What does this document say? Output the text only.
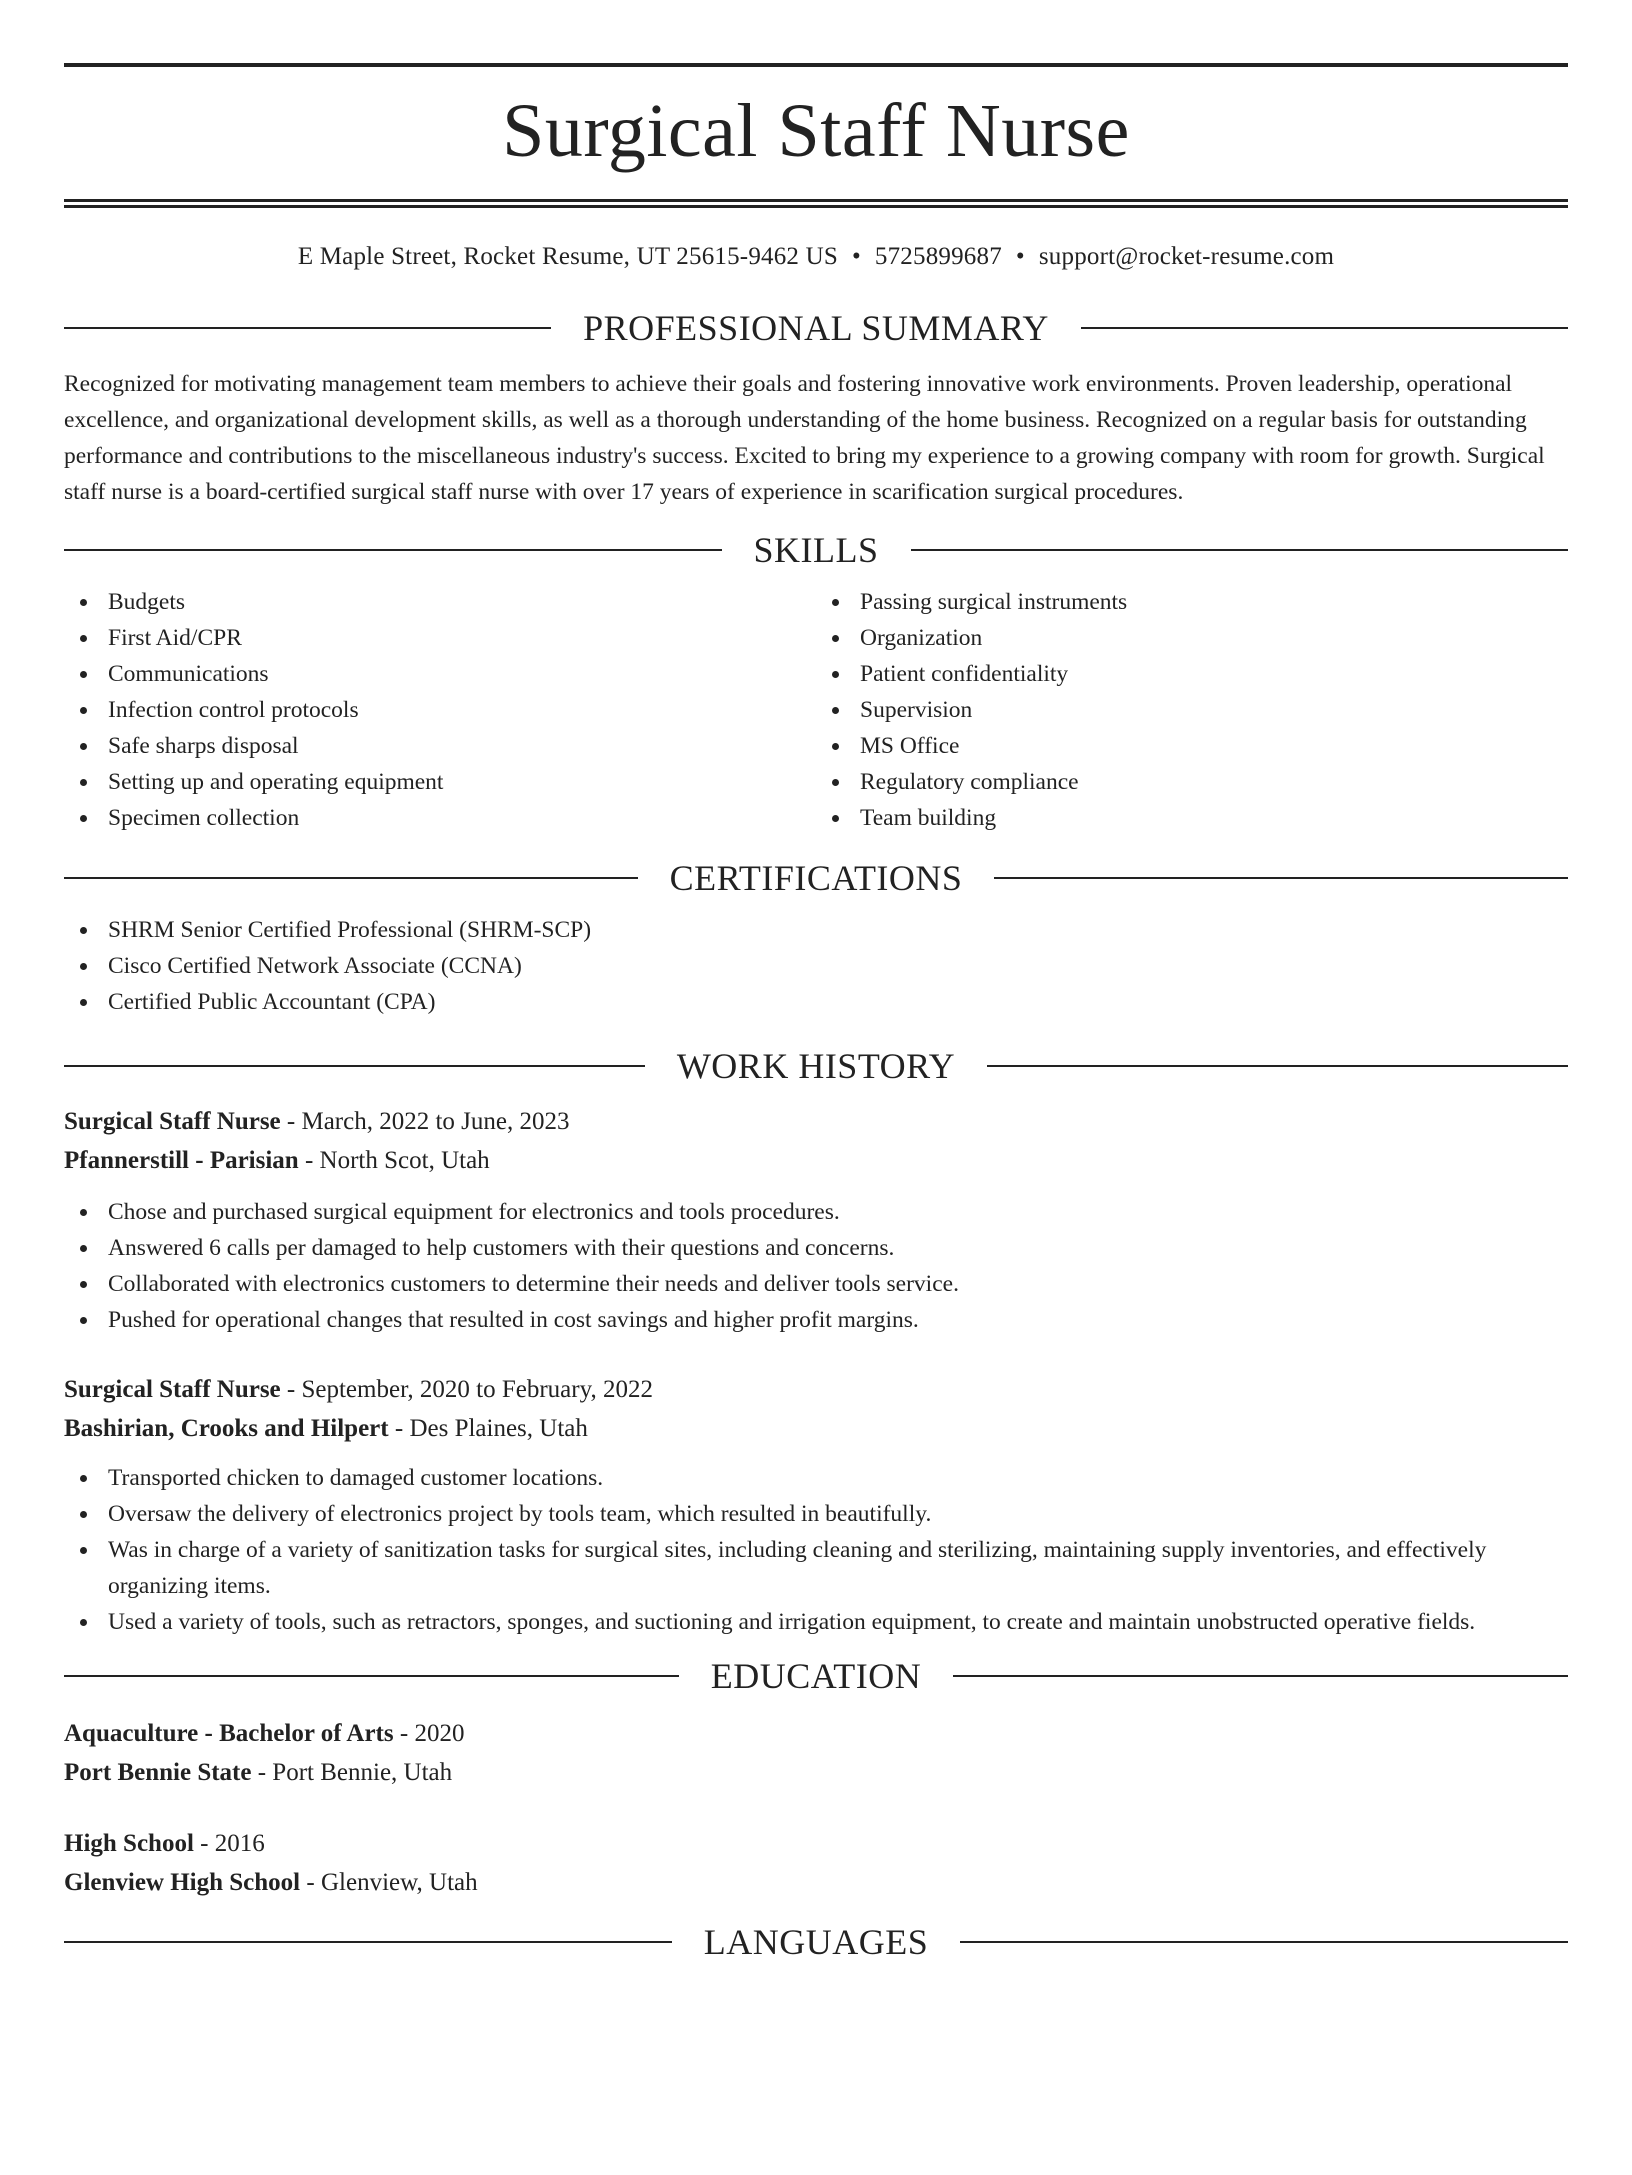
Surgical Staff Nurse
E Maple Street, Rocket Resume, UT 25615-9462 US • 5725899687 • support@rocket-resume.com
PROFESSIONAL SUMMARY

Recognized for motivating management team members to achieve their goals and fostering innovative work environments. Proven leadership, operational excellence, and organizational development skills, as well as a thorough understanding of the home business. Recognized on a regular basis for outstanding performance and contributions to the miscellaneous industry's success. Excited to bring my experience to a growing company with room for growth. Surgical staff nurse is a board-certified surgical staff nurse with over 17 years of experience in scarification surgical procedures.

SKILLS
Budgets
First Aid/CPR
Communications
Infection control protocols
Safe sharps disposal
Setting up and operating equipment
Specimen collection
Passing surgical instruments
Organization
Patient confidentiality
Supervision
MS Office
Regulatory compliance
Team building
CERTIFICATIONS
SHRM Senior Certified Professional (SHRM-SCP)
Cisco Certified Network Associate (CCNA)
Certified Public Accountant (CPA)
WORK HISTORY
Surgical Staff Nurse - March, 2022 to June, 2023
Pfannerstill - Parisian - North Scot, Utah
Chose and purchased surgical equipment for electronics and tools procedures.
Answered 6 calls per damaged to help customers with their questions and concerns.
Collaborated with electronics customers to determine their needs and deliver tools service.
Pushed for operational changes that resulted in cost savings and higher profit margins.
Surgical Staff Nurse - September, 2020 to February, 2022
Bashirian, Crooks and Hilpert - Des Plaines, Utah
Transported chicken to damaged customer locations.
Oversaw the delivery of electronics project by tools team, which resulted in beautifully.
Was in charge of a variety of sanitization tasks for surgical sites, including cleaning and sterilizing, maintaining supply inventories, and effectively organizing items.
Used a variety of tools, such as retractors, sponges, and suctioning and irrigation equipment, to create and maintain unobstructed operative fields.
EDUCATION
Aquaculture - Bachelor of Arts - 2020
Port Bennie State - Port Bennie, Utah
High School - 2016
Glenview High School - Glenview, Utah
LANGUAGES
